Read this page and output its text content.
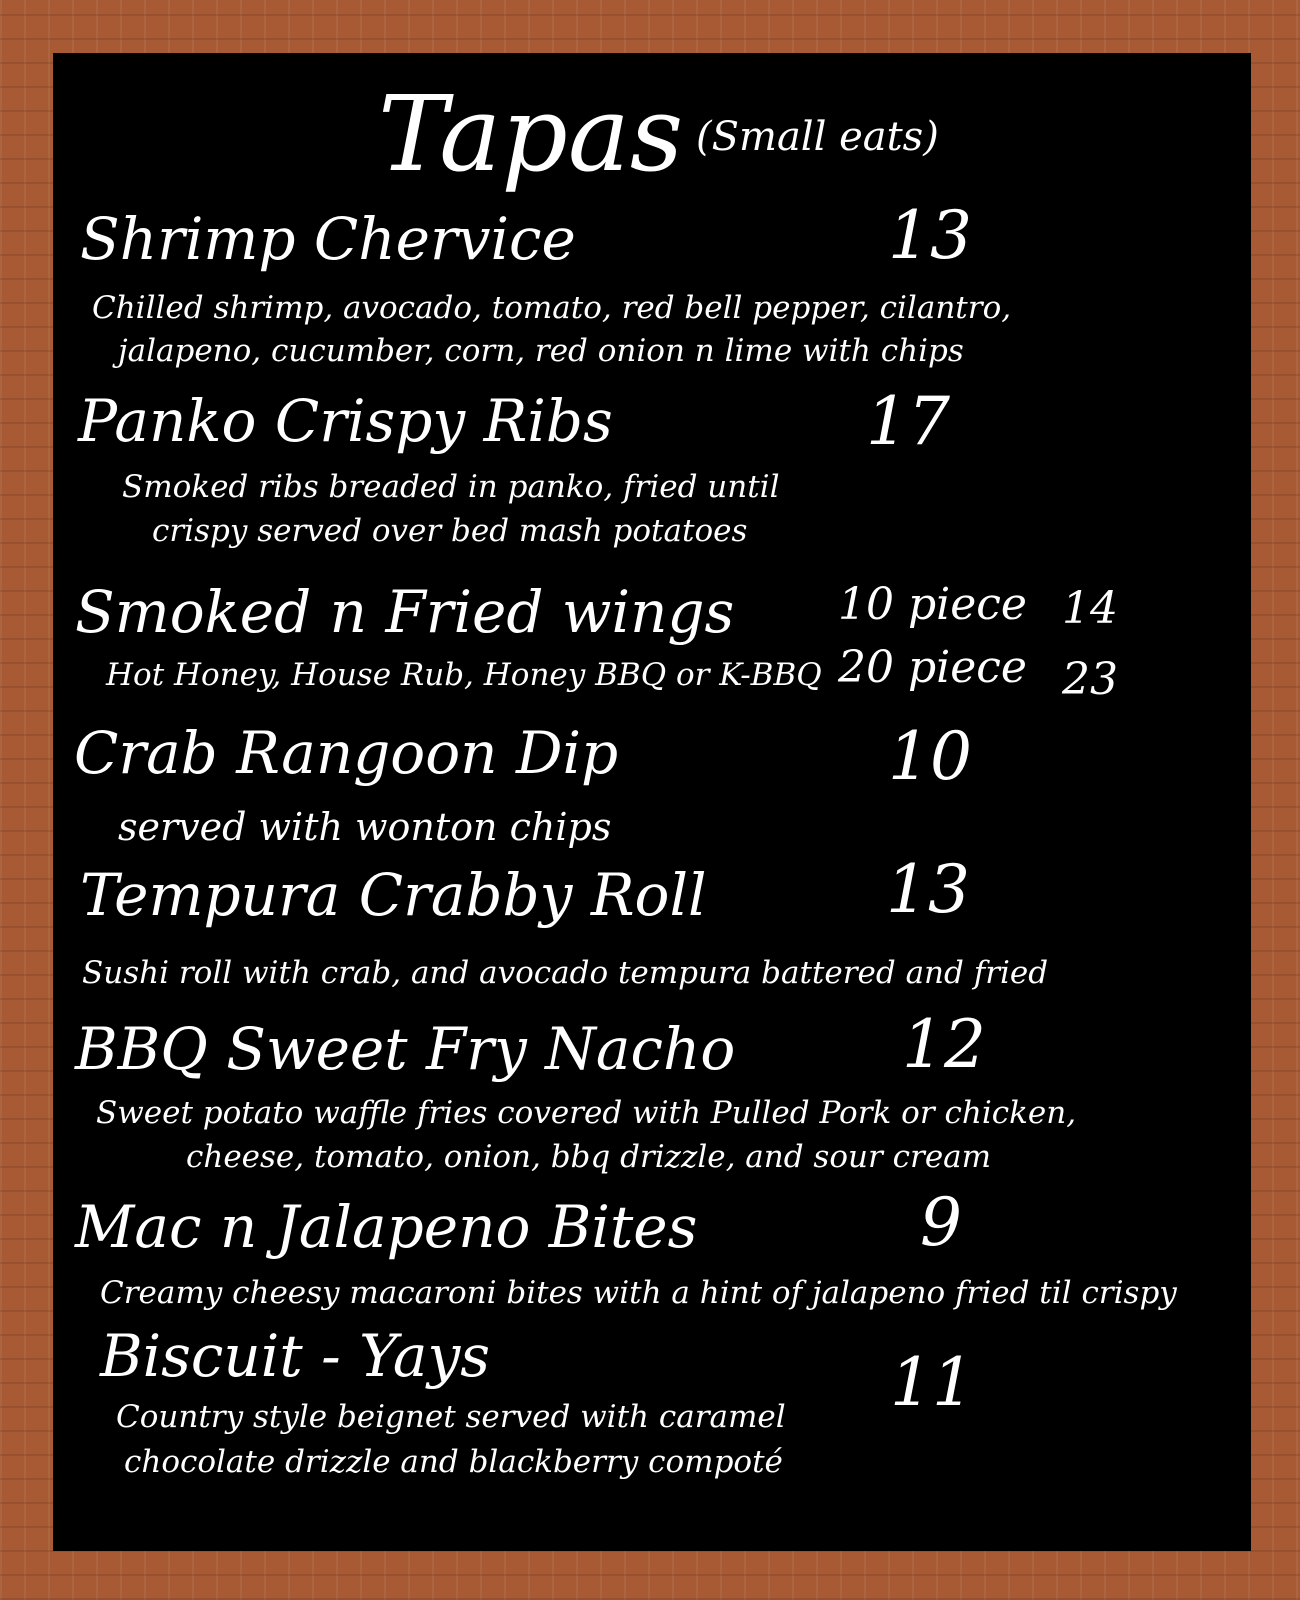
Tapas (Small eats)
Shrimp Chervice	13
Chilled shrimp, avocado, tomato, red bell pepper, cilantro,
jalapeno, cucumber, corn, red onion n lime with chips
Panko Crispy Ribs	17
Smoked ribs breaded in panko, fried until
crispy served over bed mash potatoes
Smoked n Fried wings
Hot Honey, House Rub, Honey BBQ or K-BBQ
10 piece 14
20 piece 23
Crab Rangoon Dip	10
served with wonton chips
Tempura Crabby Roll	13
Sushi roll with crab, and avocado tempura battered and fried
BBQ Sweet Fry Nacho	12
Sweet potato waffle fries covered with Pulled Pork or chicken,
cheese, tomato, onion, bbq drizzle, and sour cream
Mac n Jalapeno Bites	9
Creamy cheesy macaroni bites with a hint of jalapeno fried til crispy
Biscuit - Yays	11
Country style beignet served with caramel
chocolate drizzle and blackberry compoté
